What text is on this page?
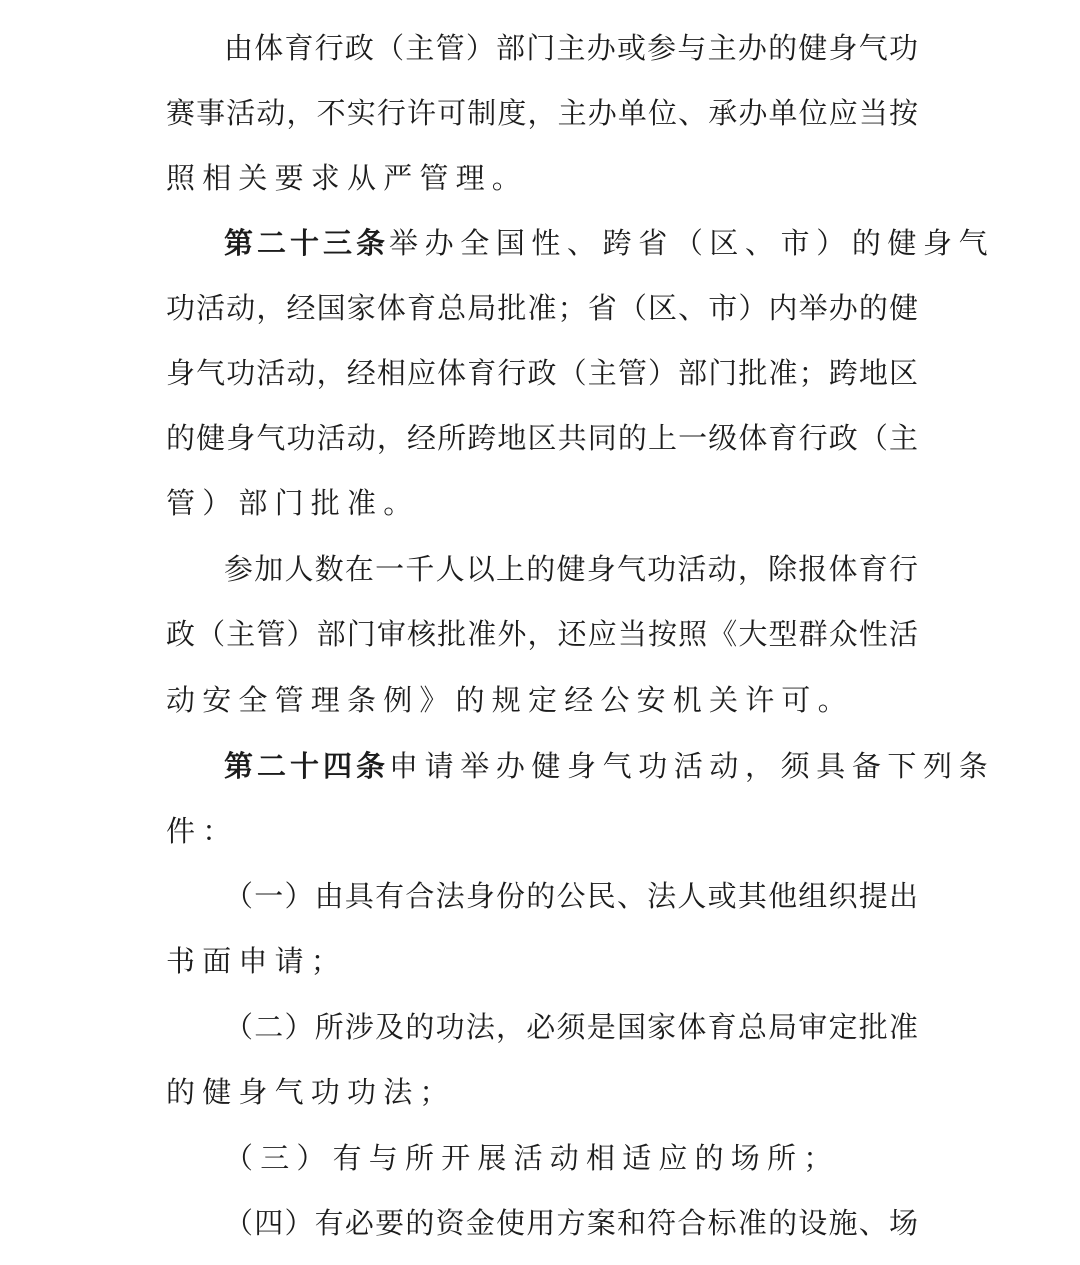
由体育行政（主管）部门主办或参与主办的健身气功
赛事活动，不实行许可制度，主办单位、承办单位应当按
照相关要求从严管理。
第二十三条 举办全国性、跨省（区、市）的健身气
功活动，经国家体育总局批准；省（区、市）内举办的健
身气功活动，经相应体育行政（主管）部门批准；跨地区
的健身气功活动，经所跨地区共同的上一级体育行政（主
管）部门批准。
参加人数在一千人以上的健身气功活动，除报体育行
政（主管）部门审核批准外，还应当按照《大型群众性活
动安全管理条例》的规定经公安机关许可。
第二十四条 申请举办健身气功活动，须具备下列条
件：
（一）由具有合法身份的公民、法人或其他组织提出
书面申请；
（二）所涉及的功法，必须是国家体育总局审定批准
的健身气功功法；
（三）有与所开展活动相适应的场所；
（四）有必要的资金使用方案和符合标准的设施、场
